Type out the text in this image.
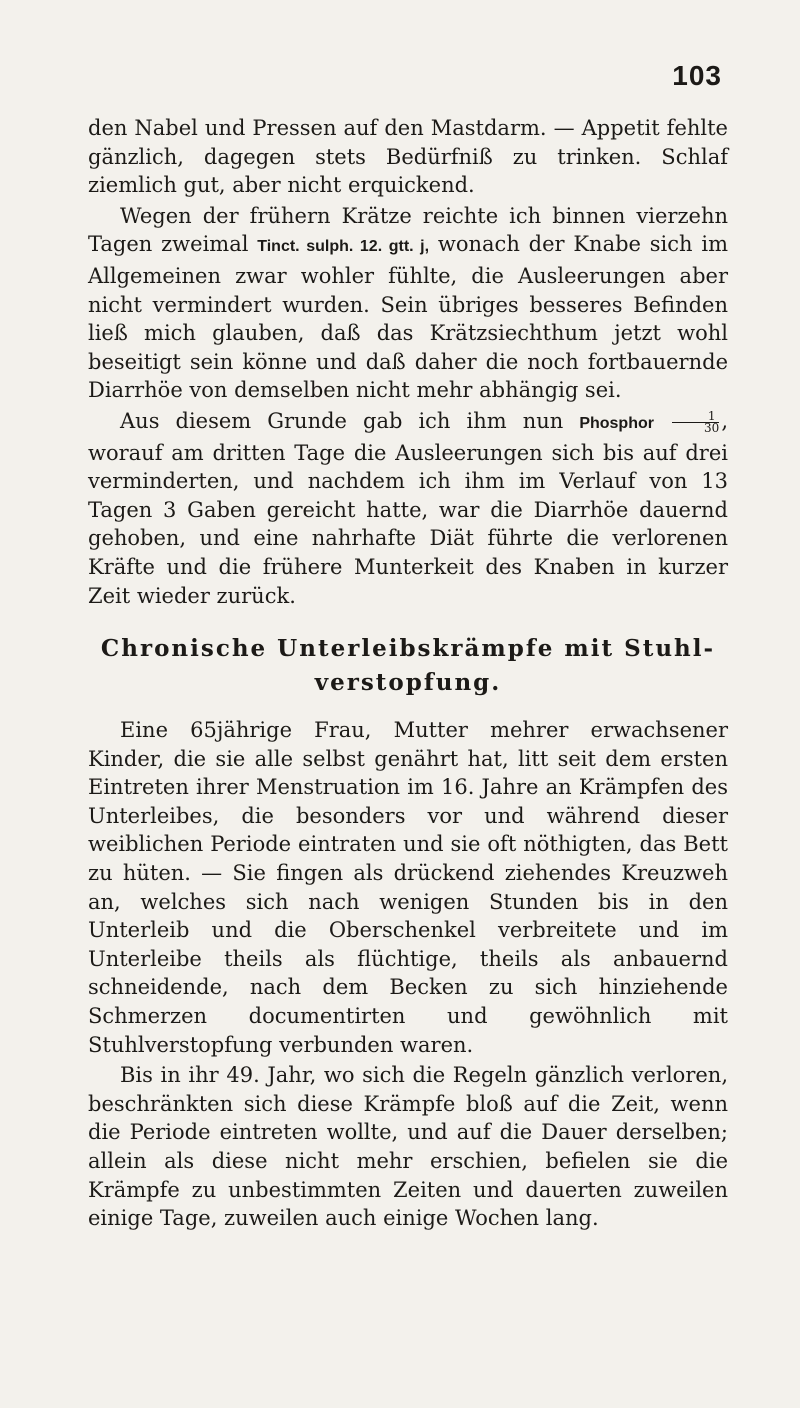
103

den Nabel und Pressen auf den Mastdarm. — Appetit fehlte gänzlich, dagegen stets Bedürfniß zu trinken. Schlaf ziemlich gut, aber nicht erquickend.

Wegen der frühern Krätze reichte ich binnen vierzehn Tagen zweimal Tinct. sulph. 12. gtt. j, wonach der Knabe sich im Allgemeinen zwar wohler fühlte, die Ausleerungen aber nicht vermindert wurden. Sein übriges besseres Befinden ließ mich glauben, daß das Krätzsiechthum jetzt wohl beseitigt sein könne und daß daher die noch fortbauernde Diarrhöe von demselben nicht mehr abhängig sei.

Aus diesem Grunde gab ich ihm nun Phosphor $\frac{1}{30}$ , worauf am dritten Tage die Ausleerungen sich bis auf drei verminderten, und nachdem ich ihm im Verlauf von 13 Tagen 3 Gaben gereicht hatte, war die Diarrhöe dauernd gehoben, und eine nahrhafte Diät führte die verlorenen Kräfte und die frühere Munterkeit des Knaben in kurzer Zeit wieder zurück.

Chronische Unterleibskrämpfe mit Stuhl-
verstopfung.

Eine 65jährige Frau, Mutter mehrer erwachsener Kinder, die sie alle selbst genährt hat, litt seit dem ersten Eintreten ihrer Menstruation im 16. Jahre an Krämpfen des Unterleibes, die besonders vor und während dieser weiblichen Periode eintraten und sie oft nöthigten, das Bett zu hüten. — Sie fingen als drückend ziehendes Kreuzweh an, welches sich nach wenigen Stunden bis in den Unterleib und die Oberschenkel verbreitete und im Unterleibe theils als flüchtige, theils als anbauernd schneidende, nach dem Becken zu sich hinziehende Schmerzen documentirten und gewöhnlich mit Stuhlverstopfung verbunden waren.

Bis in ihr 49. Jahr, wo sich die Regeln gänzlich verloren, beschränkten sich diese Krämpfe bloß auf die Zeit, wenn die Periode eintreten wollte, und auf die Dauer derselben; allein als diese nicht mehr erschien, befielen sie die Krämpfe zu unbestimmten Zeiten und dauerten zuweilen einige Tage, zuweilen auch einige Wochen lang.
